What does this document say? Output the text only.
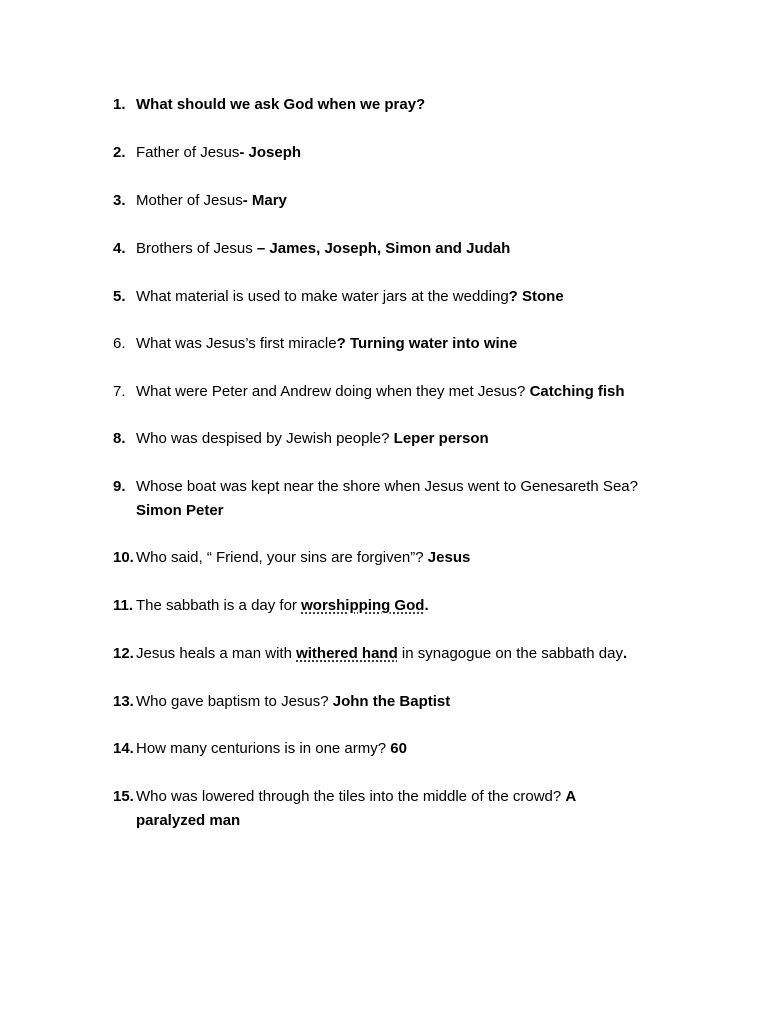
1. What should we ask God when we pray?
2. Father of Jesus- Joseph
3. Mother of Jesus- Mary
4. Brothers of Jesus – James, Joseph, Simon and Judah
5. What material is used to make water jars at the wedding? Stone
6. What was Jesus’s first miracle? Turning water into wine
7. What were Peter and Andrew doing when they met Jesus? Catching fish
8. Who was despised by Jewish people? Leper person
9. Whose boat was kept near the shore when Jesus went to Genesareth Sea?
Simon Peter
10. Who said, “ Friend, your sins are forgiven”? Jesus
11. The sabbath is a day for worshipping God.
12. Jesus heals a man with withered hand in synagogue on the sabbath day.
13. Who gave baptism to Jesus? John the Baptist
14. How many centurions is in one army? 60
15. Who was lowered through the tiles into the middle of the crowd? A
paralyzed man
